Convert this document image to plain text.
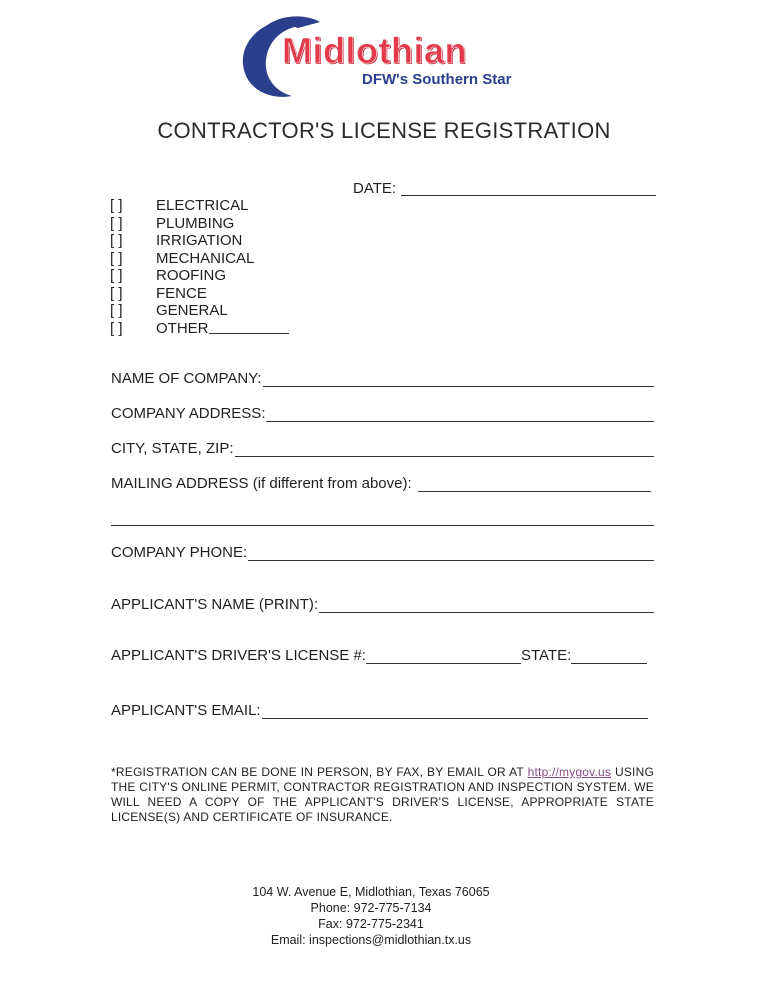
Midlothian
DFW's Southern Star
CONTRACTOR'S LICENSE REGISTRATION
DATE:
[ ]	ELECTRICAL
[ ]	PLUMBING
[ ]	IRRIGATION
[ ]	MECHANICAL
[ ]	ROOFING
[ ]	FENCE
[ ]	GENERAL
[ ]	OTHER
NAME OF COMPANY:
COMPANY ADDRESS:
CITY, STATE, ZIP:
MAILING ADDRESS (if different from above):
COMPANY PHONE:
APPLICANT'S NAME (PRINT):
APPLICANT'S DRIVER'S LICENSE #:	STATE:
APPLICANT'S EMAIL:
*REGISTRATION CAN BE DONE IN PERSON, BY FAX, BY EMAIL OR AT http://mygov.us USING THE CITY'S ONLINE PERMIT, CONTRACTOR REGISTRATION AND INSPECTION SYSTEM. WE WILL NEED A COPY OF THE APPLICANT'S DRIVER'S LICENSE, APPROPRIATE STATE LICENSE(S) AND CERTIFICATE OF INSURANCE.
104 W. Avenue E, Midlothian, Texas 76065
Phone: 972-775-7134
Fax: 972-775-2341
Email: inspections@midlothian.tx.us
